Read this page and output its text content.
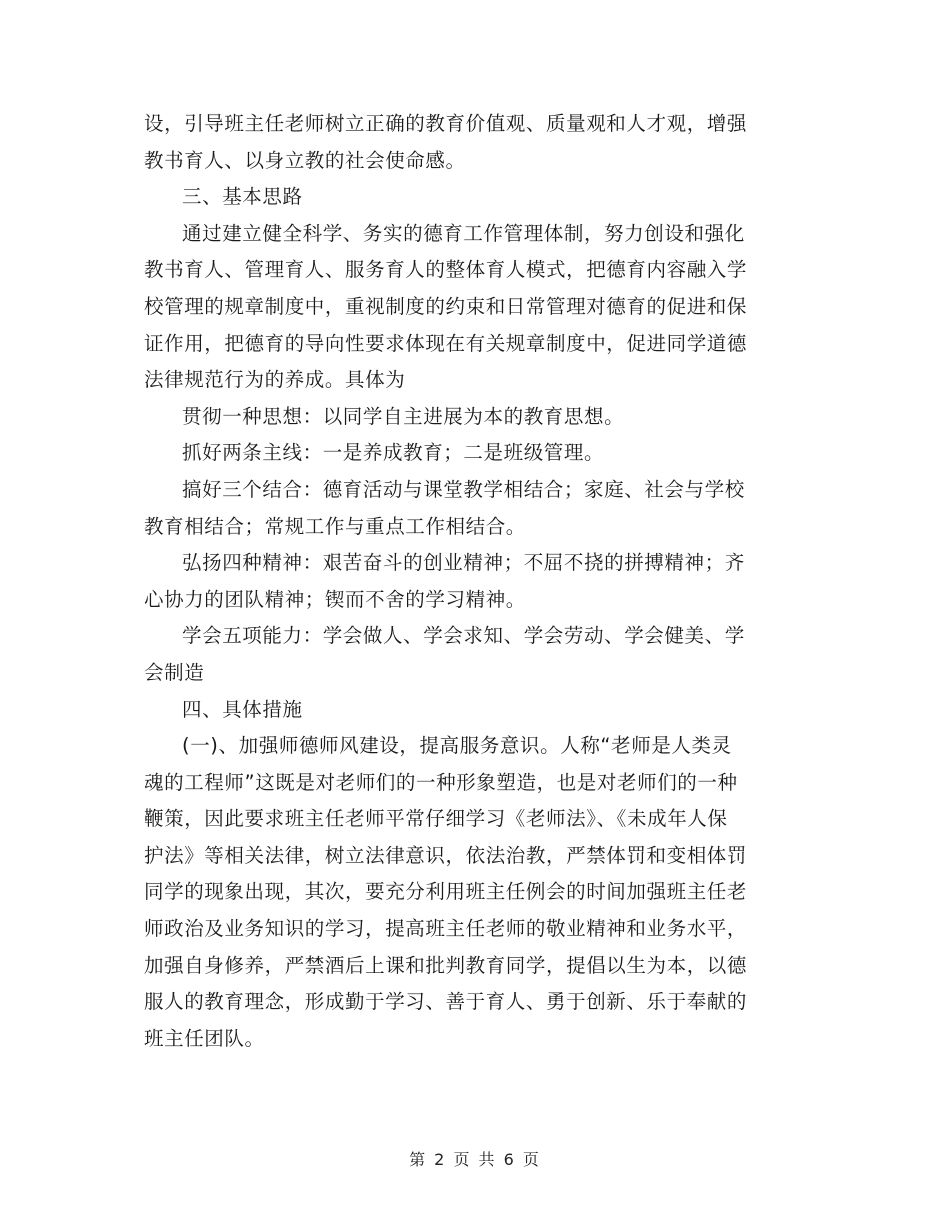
设，引导班主任老师树立正确的教育价值观、质量观和人才观，增强
教书育人、以身立教的社会使命感。
三、基本思路
通过建立健全科学、务实的德育工作管理体制，努力创设和强化
教书育人、管理育人、服务育人的整体育人模式，把德育内容融入学
校管理的规章制度中，重视制度的约束和日常管理对德育的促进和保
证作用，把德育的导向性要求体现在有关规章制度中，促进同学道德
法律规范行为的养成。具体为
贯彻一种思想：以同学自主进展为本的教育思想。
抓好两条主线：一是养成教育；二是班级管理。
搞好三个结合：德育活动与课堂教学相结合；家庭、社会与学校
教育相结合；常规工作与重点工作相结合。
弘扬四种精神：艰苦奋斗的创业精神；不屈不挠的拼搏精神；齐
心协力的团队精神；锲而不舍的学习精神。
学会五项能力：学会做人、学会求知、学会劳动、学会健美、学
会制造
四、具体措施
(一)、加强师德师风建设，提高服务意识。人称“老师是人类灵
魂的工程师”这既是对老师们的一种形象塑造，也是对老师们的一种
鞭策，因此要求班主任老师平常仔细学习《老师法》、《未成年人保
护法》等相关法律，树立法律意识，依法治教，严禁体罚和变相体罚
同学的现象出现，其次，要充分利用班主任例会的时间加强班主任老
师政治及业务知识的学习，提高班主任老师的敬业精神和业务水平，
加强自身修养，严禁酒后上课和批判教育同学，提倡以生为本，以德
服人的教育理念，形成勤于学习、善于育人、勇于创新、乐于奉献的
班主任团队。
第 2 页 共 6 页
